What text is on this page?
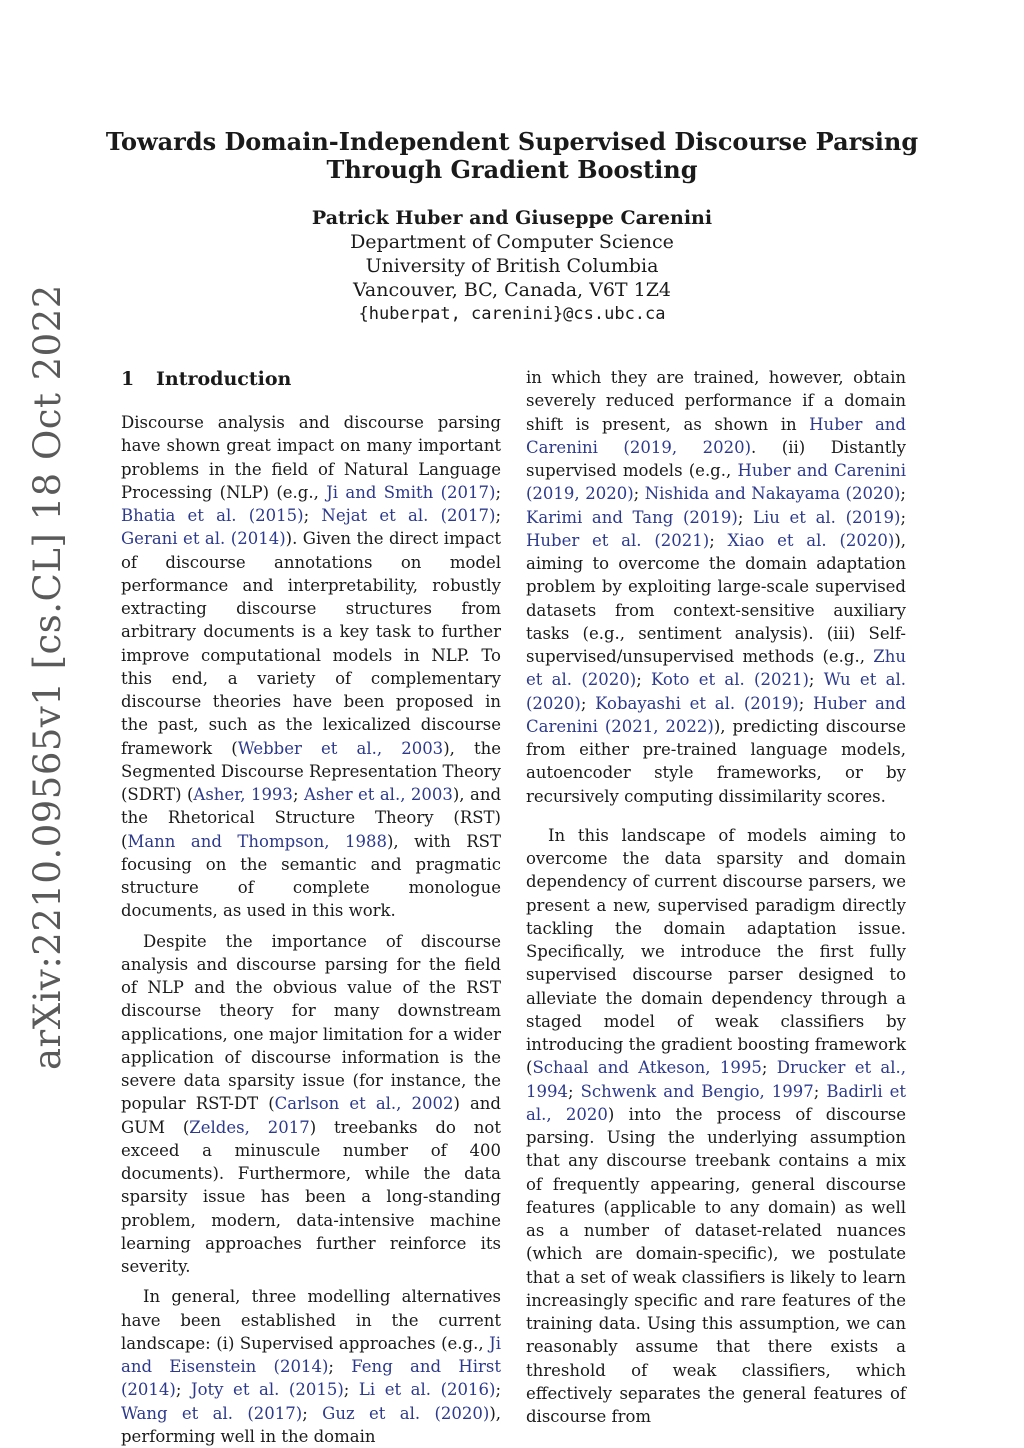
arXiv:2210.09565v1 [cs.CL] 18 Oct 2022
Towards Domain-Independent Supervised Discourse Parsing
Through Gradient Boosting
Patrick Huber and Giuseppe Carenini
Department of Computer Science
University of British Columbia
Vancouver, BC, Canada, V6T 1Z4
{huberpat, carenini}@cs.ubc.ca
1 Introduction

Discourse analysis and discourse parsing have shown great impact on many important problems in the field of Natural Language Processing (NLP) (e.g., Ji and Smith (2017); Bhatia et al. (2015); Nejat et al. (2017); Gerani et al. (2014)). Given the direct impact of discourse annotations on model performance and interpretability, robustly extracting discourse structures from arbitrary documents is a key task to further improve computational models in NLP. To this end, a variety of complementary discourse theories have been proposed in the past, such as the lexicalized discourse framework (Webber et al., 2003), the Segmented Discourse Representation Theory (SDRT) (Asher, 1993; Asher et al., 2003), and the Rhetorical Structure Theory (RST) (Mann and Thompson, 1988), with RST focusing on the semantic and pragmatic structure of complete monologue documents, as used in this work.

Despite the importance of discourse analysis and discourse parsing for the field of NLP and the obvious value of the RST discourse theory for many downstream applications, one major limitation for a wider application of discourse information is the severe data sparsity issue (for instance, the popular RST-DT (Carlson et al., 2002) and GUM (Zeldes, 2017) treebanks do not exceed a minuscule number of 400 documents). Furthermore, while the data sparsity issue has been a long-standing problem, modern, data-intensive machine learning approaches further reinforce its severity.

In general, three modelling alternatives have been established in the current landscape: (i) Supervised approaches (e.g., Ji and Eisenstein (2014); Feng and Hirst (2014); Joty et al. (2015); Li et al. (2016); Wang et al. (2017); Guz et al. (2020)), performing well in the domain

in which they are trained, however, obtain severely reduced performance if a domain shift is present, as shown in Huber and Carenini (2019, 2020). (ii) Distantly supervised models (e.g., Huber and Carenini (2019, 2020); Nishida and Nakayama (2020); Karimi and Tang (2019); Liu et al. (2019); Huber et al. (2021); Xiao et al. (2020)), aiming to overcome the domain adaptation problem by exploiting large-scale supervised datasets from context-sensitive auxiliary tasks (e.g., sentiment analysis). (iii) Self-supervised/unsupervised methods (e.g., Zhu et al. (2020); Koto et al. (2021); Wu et al. (2020); Kobayashi et al. (2019); Huber and Carenini (2021, 2022)), predicting discourse from either pre-trained language models, autoencoder style frameworks, or by recursively computing dissimilarity scores.

In this landscape of models aiming to overcome the data sparsity and domain dependency of current discourse parsers, we present a new, supervised paradigm directly tackling the domain adaptation issue. Specifically, we introduce the first fully supervised discourse parser designed to alleviate the domain dependency through a staged model of weak classifiers by introducing the gradient boosting framework (Schaal and Atkeson, 1995; Drucker et al., 1994; Schwenk and Bengio, 1997; Badirli et al., 2020) into the process of discourse parsing. Using the underlying assumption that any discourse treebank contains a mix of frequently appearing, general discourse features (applicable to any domain) as well as a number of dataset-related nuances (which are domain-specific), we postulate that a set of weak classifiers is likely to learn increasingly specific and rare features of the training data. Using this assumption, we can reasonably assume that there exists a threshold of weak classifiers, which effectively separates the general features of discourse from
